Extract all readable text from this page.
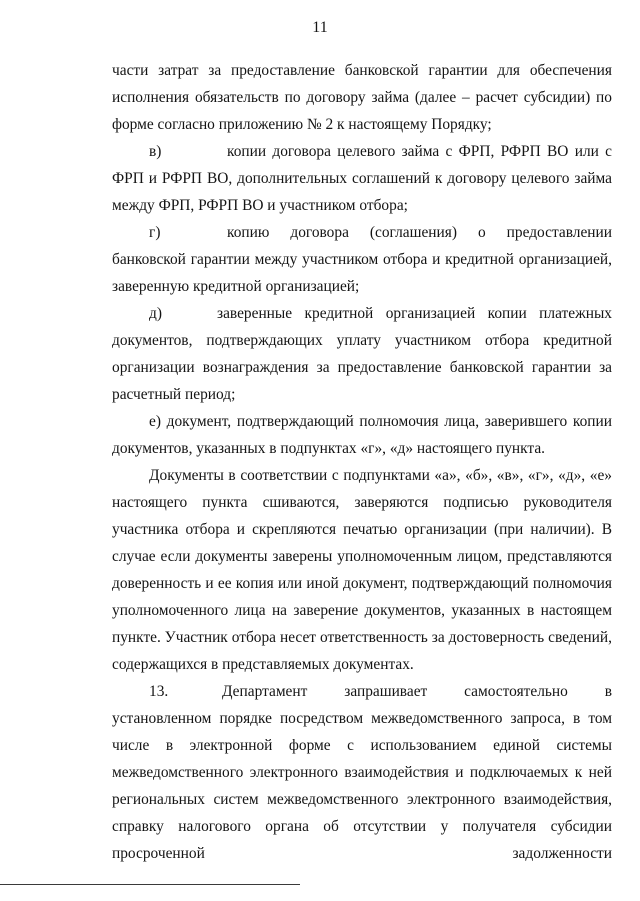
11

части затрат за предоставление банковской гарантии для обеспечения исполнения обязательств по договору займа (далее – расчет субсидии) по форме согласно приложению № 2 к настоящему Порядку;

в)	копии договора целевого займа с ФРП, РФРП ВО или с ФРП и РФРП ВО, дополнительных соглашений к договору целевого займа между ФРП, РФРП ВО и участником отбора;

г)	копию договора (соглашения) о предоставлении банковской гарантии между участником отбора и кредитной организацией, заверенную кредитной организацией;

д)	заверенные кредитной организацией копии платежных документов, подтверждающих уплату участником отбора кредитной организации вознаграждения за предоставление банковской гарантии за расчетный период;

е) документ, подтверждающий полномочия лица, заверившего копии документов, указанных в подпунктах «г», «д» настоящего пункта.

Документы в соответствии с подпунктами «а», «б», «в», «г», «д», «е» настоящего пункта сшиваются, заверяются подписью руководителя участника отбора и скрепляются печатью организации (при наличии). В случае если документы заверены уполномоченным лицом, представляются доверенность и ее копия или иной документ, подтверждающий полномочия уполномоченного лица на заверение документов, указанных в настоящем пункте. Участник отбора несет ответственность за достоверность сведений, содержащихся в представляемых документах.

13.	Департамент запрашивает самостоятельно в установленном порядке посредством межведомственного запроса, в том числе в электронной форме с использованием единой системы межведомственного электронного взаимодействия и подключаемых к ней региональных систем межведомственного электронного взаимодействия, справку налогового органа об отсутствии у получателя субсидии просроченной задолженности
